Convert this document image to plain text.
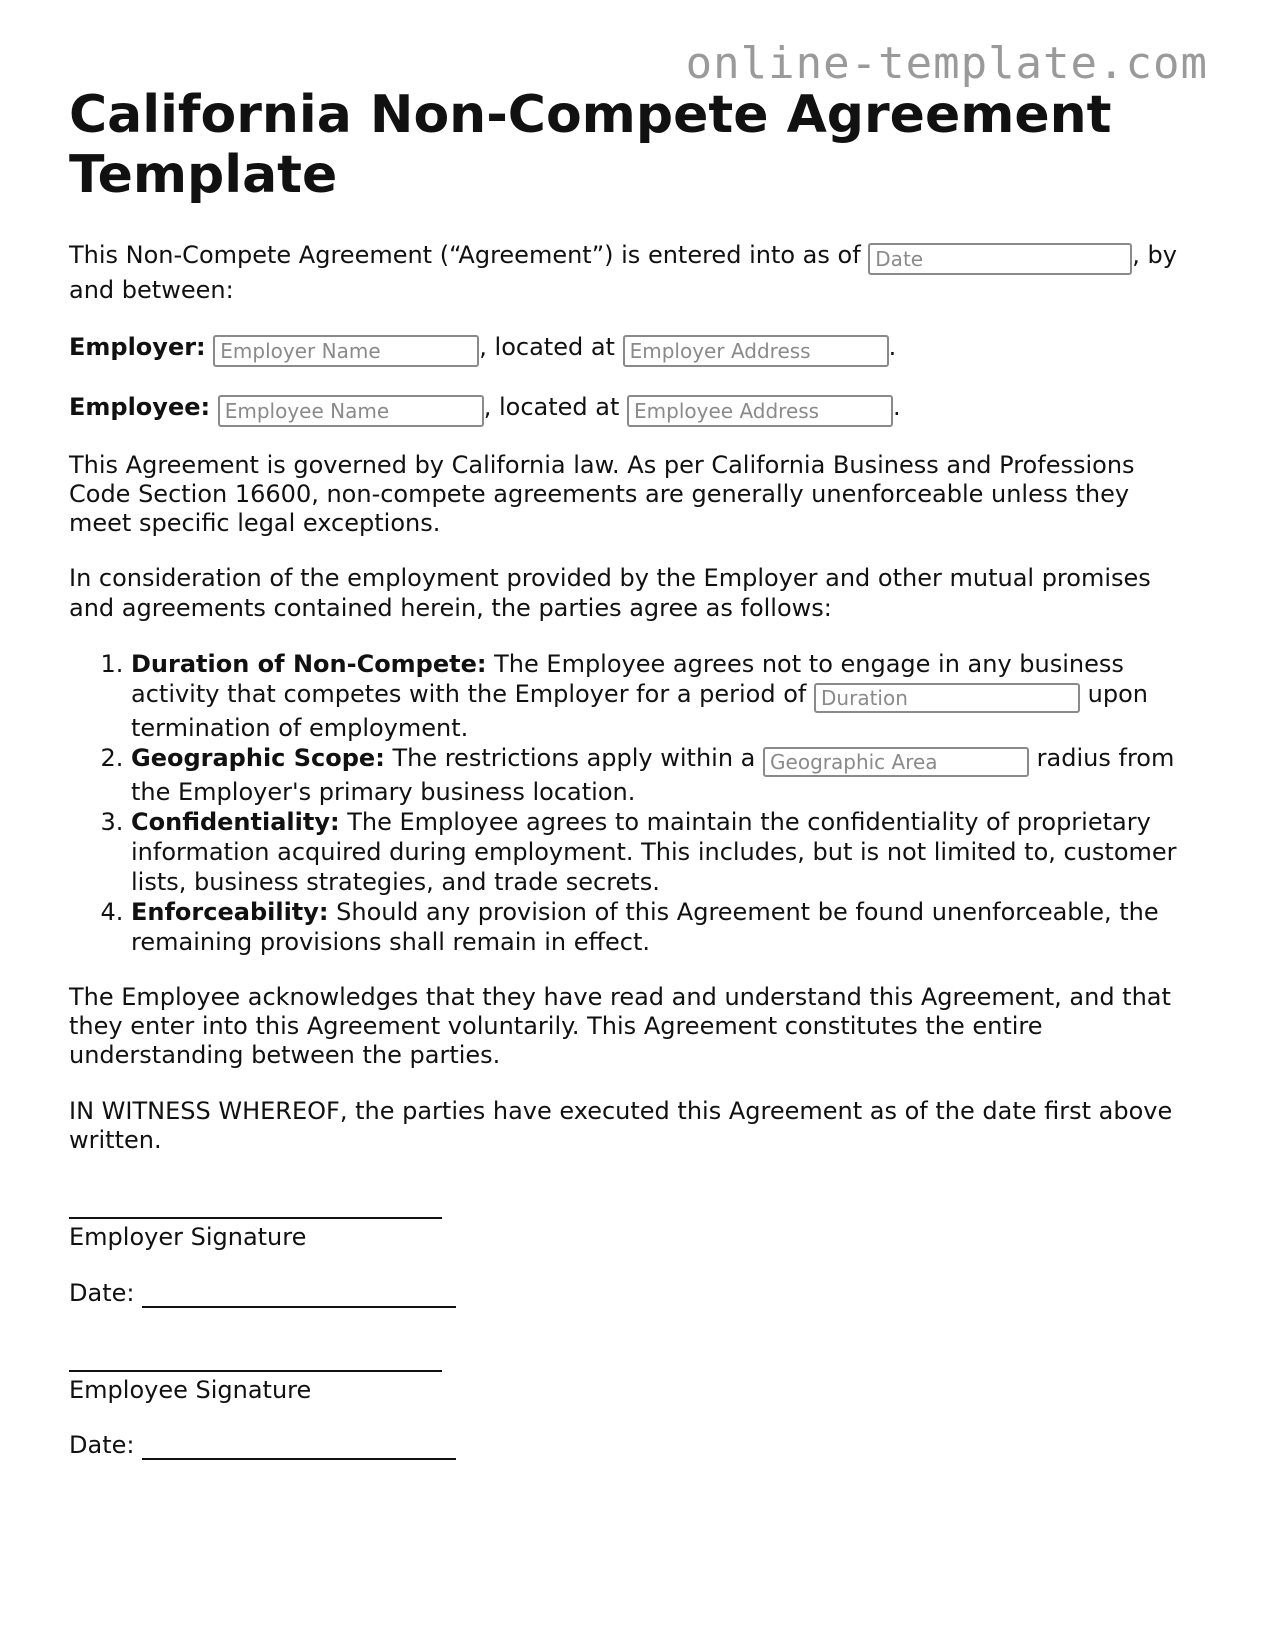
online-template.com
California Non-Compete Agreement Template

This Non-Compete Agreement (“Agreement”) is entered into as of Date	, by and between:

Employer: Employer Name	, located at Employer Address	.
Employee: Employee Name	, located at Employee Address	.

This Agreement is governed by California law. As per California Business and Professions Code Section 16600, non-compete agreements are generally unenforceable unless they meet specific legal exceptions.

In consideration of the employment provided by the Employer and other mutual promises and agreements contained herein, the parties agree as follows:

1. Duration of Non-Compete: The Employee agrees not to engage in any business activity that competes with the Employer for a period of Duration	upon termination of employment.
2. Geographic Scope: The restrictions apply within a Geographic Area	radius from the Employer's primary business location.
3. Confidentiality: The Employee agrees to maintain the confidentiality of proprietary information acquired during employment. This includes, but is not limited to, customer lists, business strategies, and trade secrets.
4. Enforceability: Should any provision of this Agreement be found unenforceable, the remaining provisions shall remain in effect.

The Employee acknowledges that they have read and understand this Agreement, and that they enter into this Agreement voluntarily. This Agreement constitutes the entire understanding between the parties.

IN WITNESS WHEREOF, the parties have executed this Agreement as of the date first above written.

Employer Signature
Date:
Employee Signature
Date:
